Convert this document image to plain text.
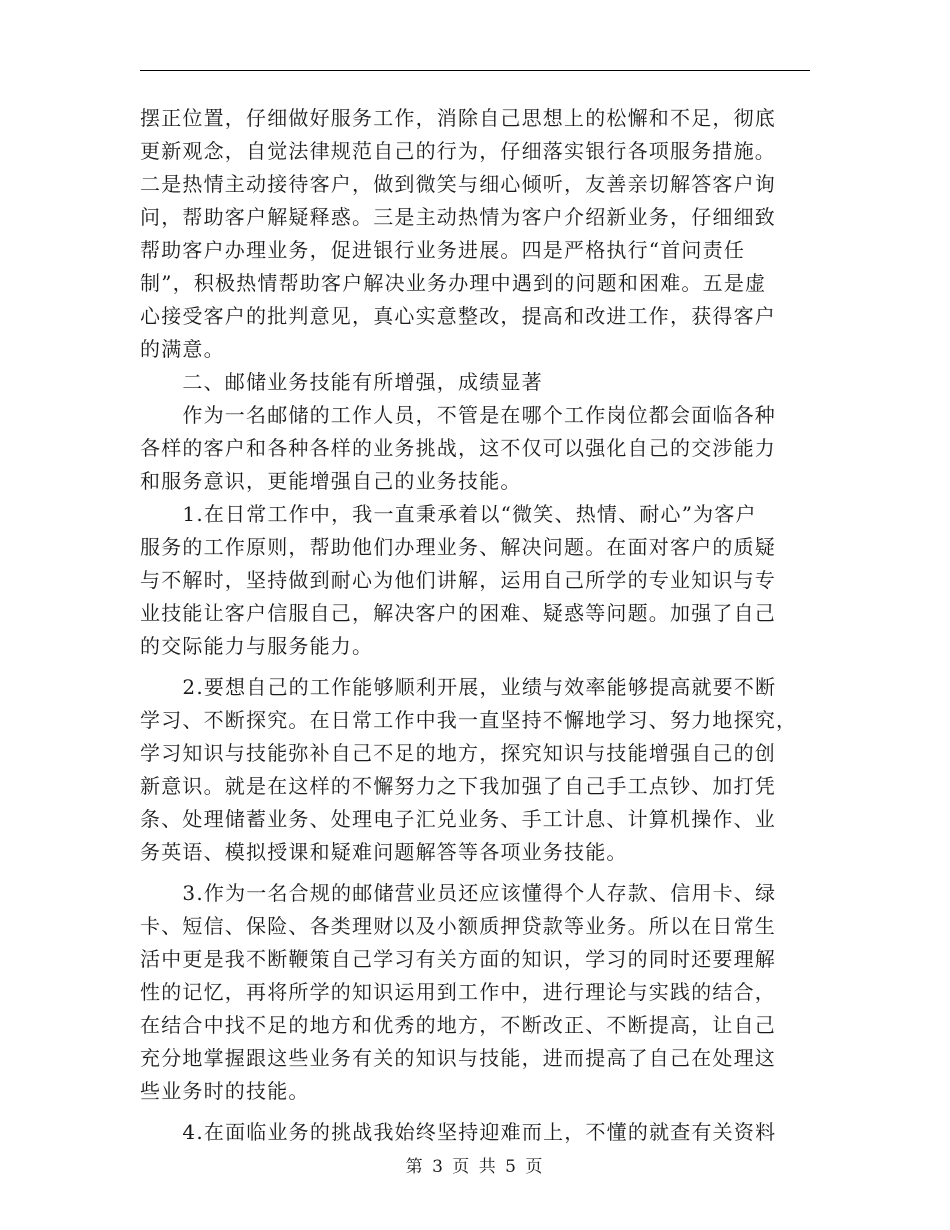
摆正位置，仔细做好服务工作，消除自己思想上的松懈和不足，彻底
更新观念，自觉法律规范自己的行为，仔细落实银行各项服务措施。
二是热情主动接待客户，做到微笑与细心倾听，友善亲切解答客户询
问，帮助客户解疑释惑。三是主动热情为客户介绍新业务，仔细细致
帮助客户办理业务，促进银行业务进展。四是严格执行“首问责任
制”，积极热情帮助客户解决业务办理中遇到的问题和困难。五是虚
心接受客户的批判意见，真心实意整改，提高和改进工作，获得客户
的满意。
　　二、邮储业务技能有所增强，成绩显著
　　作为一名邮储的工作人员，不管是在哪个工作岗位都会面临各种
各样的客户和各种各样的业务挑战，这不仅可以强化自己的交涉能力
和服务意识，更能增强自己的业务技能。
　　1.在日常工作中，我一直秉承着以“微笑、热情、耐心”为客户
服务的工作原则，帮助他们办理业务、解决问题。在面对客户的质疑
与不解时，坚持做到耐心为他们讲解，运用自己所学的专业知识与专
业技能让客户信服自己，解决客户的困难、疑惑等问题。加强了自己
的交际能力与服务能力。
　　2.要想自己的工作能够顺利开展，业绩与效率能够提高就要不断
学习、不断探究。在日常工作中我一直坚持不懈地学习、努力地探究，
学习知识与技能弥补自己不足的地方，探究知识与技能增强自己的创
新意识。就是在这样的不懈努力之下我加强了自己手工点钞、加打凭
条、处理储蓄业务、处理电子汇兑业务、手工计息、计算机操作、业
务英语、模拟授课和疑难问题解答等各项业务技能。
　　3.作为一名合规的邮储营业员还应该懂得个人存款、信用卡、绿
卡、短信、保险、各类理财以及小额质押贷款等业务。所以在日常生
活中更是我不断鞭策自己学习有关方面的知识，学习的同时还要理解
性的记忆，再将所学的知识运用到工作中，进行理论与实践的结合，
在结合中找不足的地方和优秀的地方，不断改正、不断提高，让自己
充分地掌握跟这些业务有关的知识与技能，进而提高了自己在处理这
些业务时的技能。
　　4.在面临业务的挑战我始终坚持迎难而上，不懂的就查有关资料
第 3 页 共 5 页
